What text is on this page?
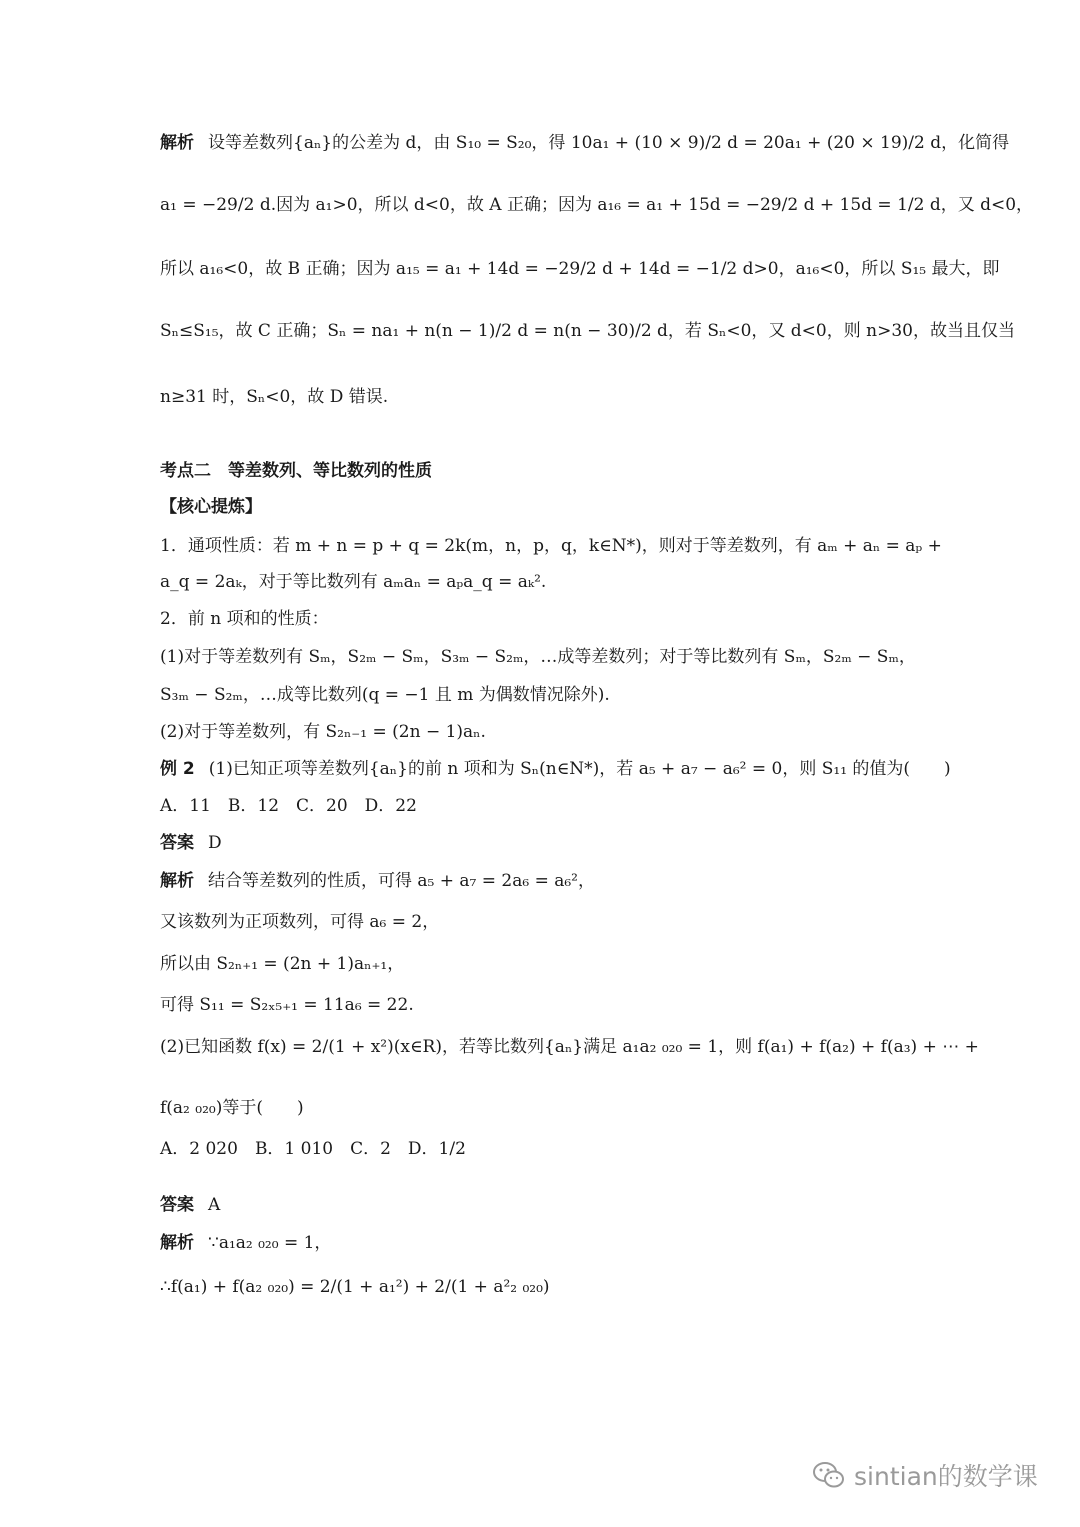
解析 设等差数列{aₙ}的公差为 d，由 S₁₀ = S₂₀，得 10a₁ + (10 × 9)/2 d = 20a₁ + (20 × 19)/2 d，化简得
a₁ = −29/2 d.因为 a₁>0，所以 d<0，故 A 正确；因为 a₁₆ = a₁ + 15d = −29/2 d + 15d = 1/2 d，又 d<0，
所以 a₁₆<0，故 B 正确；因为 a₁₅ = a₁ + 14d = −29/2 d + 14d = −1/2 d>0，a₁₆<0，所以 S₁₅ 最大，即
Sₙ≤S₁₅，故 C 正确；Sₙ = na₁ + n(n − 1)/2 d = n(n − 30)/2 d，若 Sₙ<0，又 d<0，则 n>30，故当且仅当
n≥31 时，Sₙ<0，故 D 错误.
考点二　等差数列、等比数列的性质
【核心提炼】
1．通项性质：若 m + n = p + q = 2k(m，n，p，q，k∈N*)，则对于等差数列，有 aₘ + aₙ = aₚ +
a_q = 2aₖ，对于等比数列有 aₘaₙ = aₚa_q = aₖ².
2．前 n 项和的性质：
(1)对于等差数列有 Sₘ，S₂ₘ − Sₘ，S₃ₘ − S₂ₘ，…成等差数列；对于等比数列有 Sₘ，S₂ₘ − Sₘ，
S₃ₘ − S₂ₘ，…成等比数列(q = −1 且 m 为偶数情况除外).
(2)对于等差数列，有 S₂ₙ₋₁ = (2n − 1)aₙ.
例 2 (1)已知正项等差数列{aₙ}的前 n 项和为 Sₙ(n∈N*)，若 a₅ + a₇ − a₆² = 0，则 S₁₁ 的值为(　　)
A．11　B．12　C．20　D．22
答案 D
解析 结合等差数列的性质，可得 a₅ + a₇ = 2a₆ = a₆²，
又该数列为正项数列，可得 a₆ = 2，
所以由 S₂ₙ₊₁ = (2n + 1)aₙ₊₁，
可得 S₁₁ = S₂ₓ₅₊₁ = 11a₆ = 22.
(2)已知函数 f(x) = 2/(1 + x²)(x∈R)，若等比数列{aₙ}满足 a₁a₂ ₀₂₀ = 1，则 f(a₁) + f(a₂) + f(a₃) + ⋯ +
f(a₂ ₀₂₀)等于(　　)
A．2 020　B．1 010　C．2　D．1/2
答案 A
解析 ∵a₁a₂ ₀₂₀ = 1，
∴f(a₁) + f(a₂ ₀₂₀) = 2/(1 + a₁²) + 2/(1 + a²₂ ₀₂₀)
sintian的数学课
